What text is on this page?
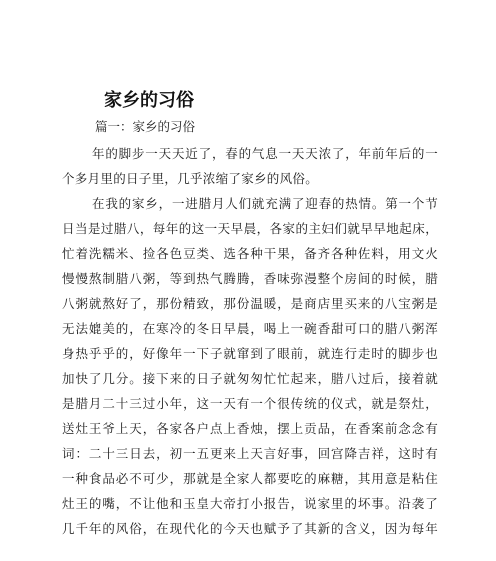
家乡的习俗
篇一：家乡的习俗

年的脚步一天天近了，春的气息一天天浓了，年前年后的一
个多月里的日子里，几乎浓缩了家乡的风俗。

在我的家乡，一进腊月人们就充满了迎春的热情。第一个节
日当是过腊八，每年的这一天早晨，各家的主妇们就早早地起床，
忙着洗糯米、捡各色豆类、选各种干果，备齐各种佐料，用文火
慢慢熬制腊八粥，等到热气腾腾，香味弥漫整个房间的时候，腊
八粥就熬好了，那份精致，那份温暖，是商店里买来的八宝粥是
无法媲美的，在寒冷的冬日早晨，喝上一碗香甜可口的腊八粥浑
身热乎乎的，好像年一下子就窜到了眼前，就连行走时的脚步也
加快了几分。接下来的日子就匆匆忙忙起来，腊八过后，接着就
是腊月二十三过小年，这一天有一个很传统的仪式，就是祭灶，
送灶王爷上天，各家各户点上香烛，摆上贡品，在香案前念念有
词：二十三日去，初一五更来上天言好事，回宫降吉祥，这时有
一种食品必不可少，那就是全家人都要吃的麻糖，其用意是粘住
灶王的嘴，不让他和玉皇大帝打小报告，说家里的坏事。沿袭了
几千年的风俗，在现代化的今天也赋予了其新的含义，因为每年
